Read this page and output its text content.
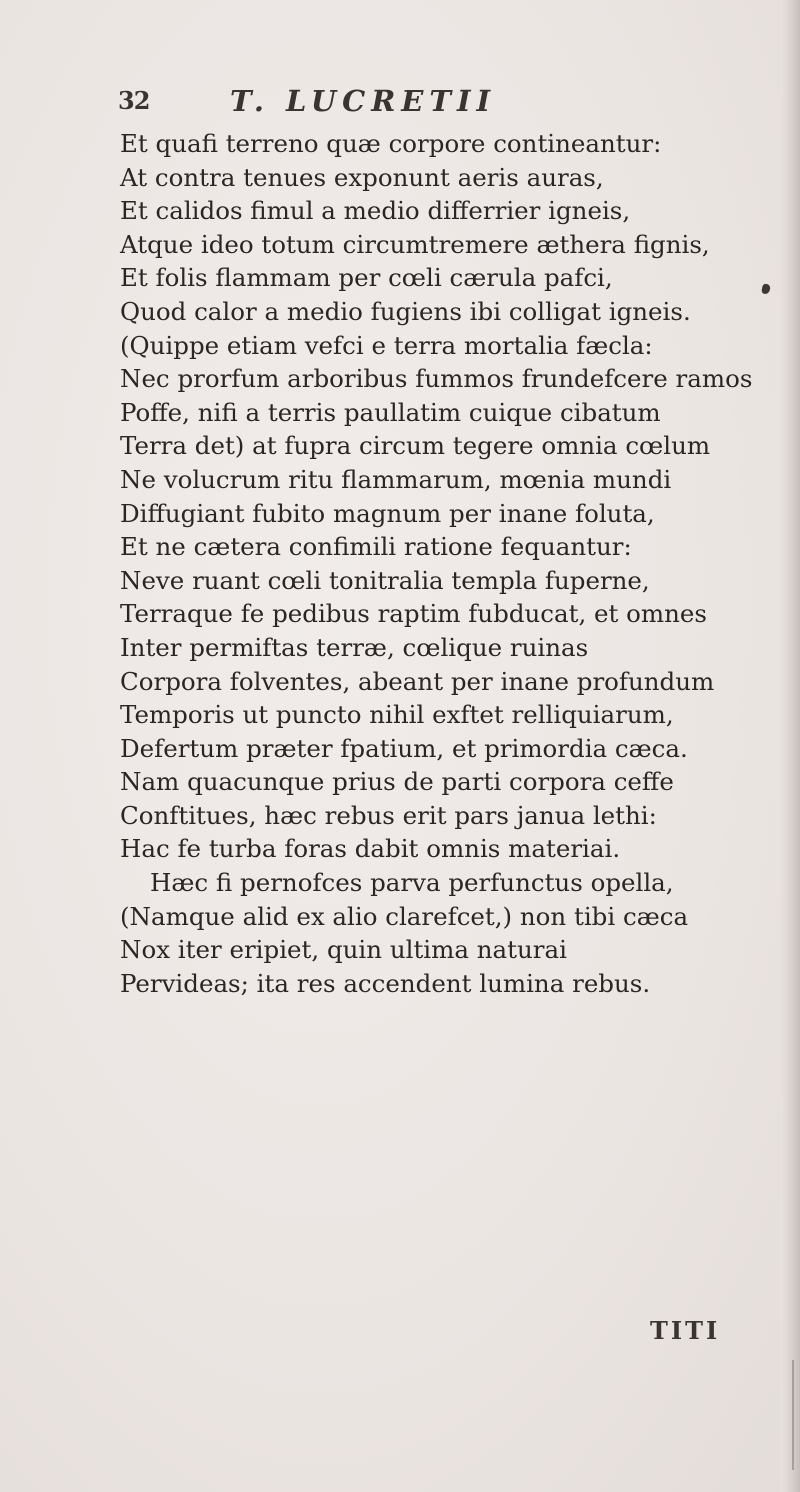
32	T. LUCRETII
Et quafi terreno quæ corpore contineantur:
At contra tenues exponunt aeris auras,
Et calidos fimul a medio differrier igneis,
Atque ideo totum circumtremere æthera fignis,
Et folis flammam per cœli cærula pafci,
Quod calor a medio fugiens ibi colligat igneis.
(Quippe etiam vefci e terra mortalia fæcla:
Nec prorfum arboribus fummos frundefcere ramos
Poffe, nifi a terris paullatim cuique cibatum
Terra det) at fupra circum tegere omnia cœlum
Ne volucrum ritu flammarum, mœnia mundi
Diffugiant fubito magnum per inane foluta,
Et ne cætera confimili ratione fequantur:
Neve ruant cœli tonitralia templa fuperne,
Terraque fe pedibus raptim fubducat, et omnes
Inter permiftas terræ, cœlique ruinas
Corpora folventes, abeant per inane profundum
Temporis ut puncto nihil exftet relliquiarum,
Defertum præter fpatium, et primordia cæca.
Nam quacunque prius de parti corpora ceffe
Conftitues, hæc rebus erit pars janua lethi:
Hac fe turba foras dabit omnis materiai.
Hæc fi pernofces parva perfunctus opella,
(Namque alid ex alio clarefcet,) non tibi cæca
Nox iter eripiet, quin ultima naturai
Pervideas; ita res accendent lumina rebus.
TITI
